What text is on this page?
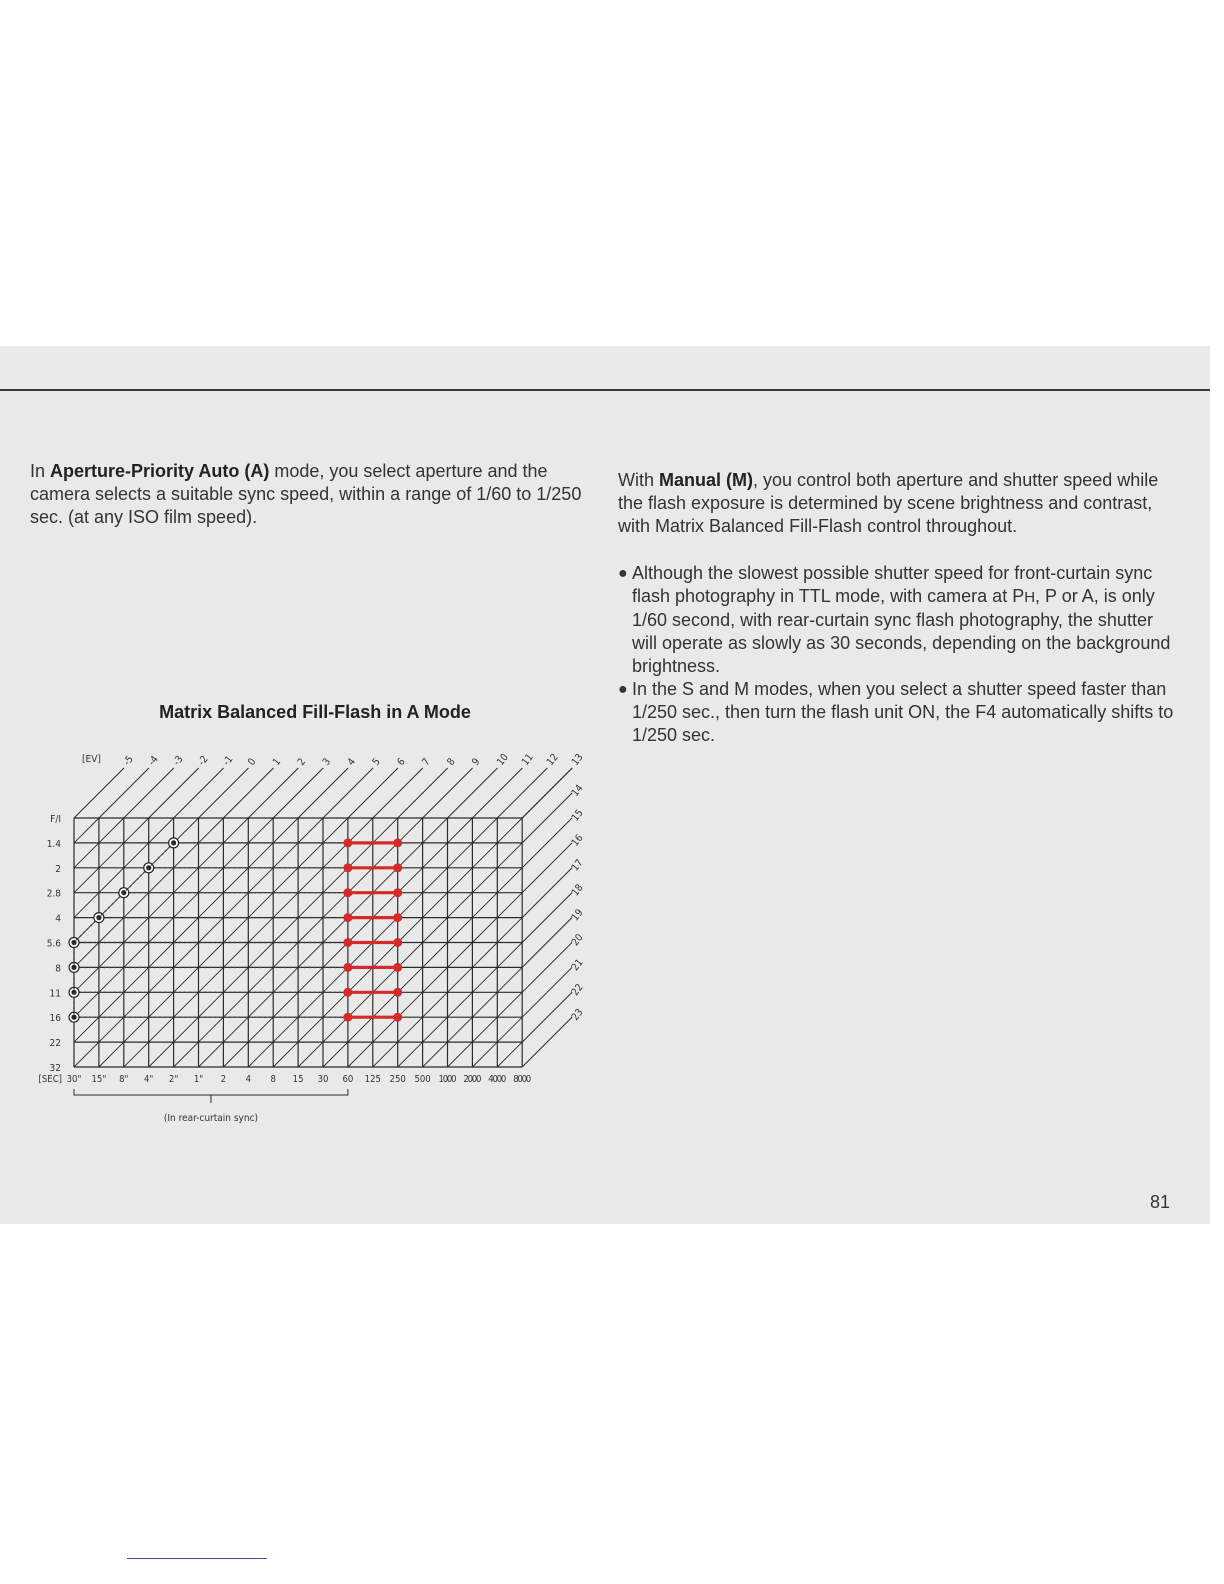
In Aperture-Priority Auto (A) mode, you select aperture and the camera selects a suitable sync speed, within a range of 1/60 to 1/250 sec. (at any ISO film speed).

With Manual (M), you control both aperture and shutter speed while the flash exposure is determined by scene brightness and contrast, with Matrix Balanced Fill-Flash control throughout.

● Although the slowest possible shutter speed for front-curtain sync flash photography in TTL mode, with camera at PH, P or A, is only 1/60 second, with rear-curtain sync flash photography, the shutter will operate as slowly as 30 seconds, depending on the background brightness.
● In the S and M modes, when you select a shutter speed faster than 1/250 sec., then turn the flash unit ON, the F4 automatically shifts to 1/250 sec.
Matrix Balanced Fill-Flash in A Mode
[EV] -5 -4 -3 -2 -1 0 1 2 3 4 5 6 7 8 9 10 11 12 13
14
15
16
17
18
19
20
21
22
23
F/I
1.4
2
2.8
4
5.6
8
11
16
22
32
[SEC] 30" 15" 8" 4" 2" 1" 2 4 8 15 30 60 125 250 500 1000 2000 4000 8000
(In rear-curtain sync)
81
